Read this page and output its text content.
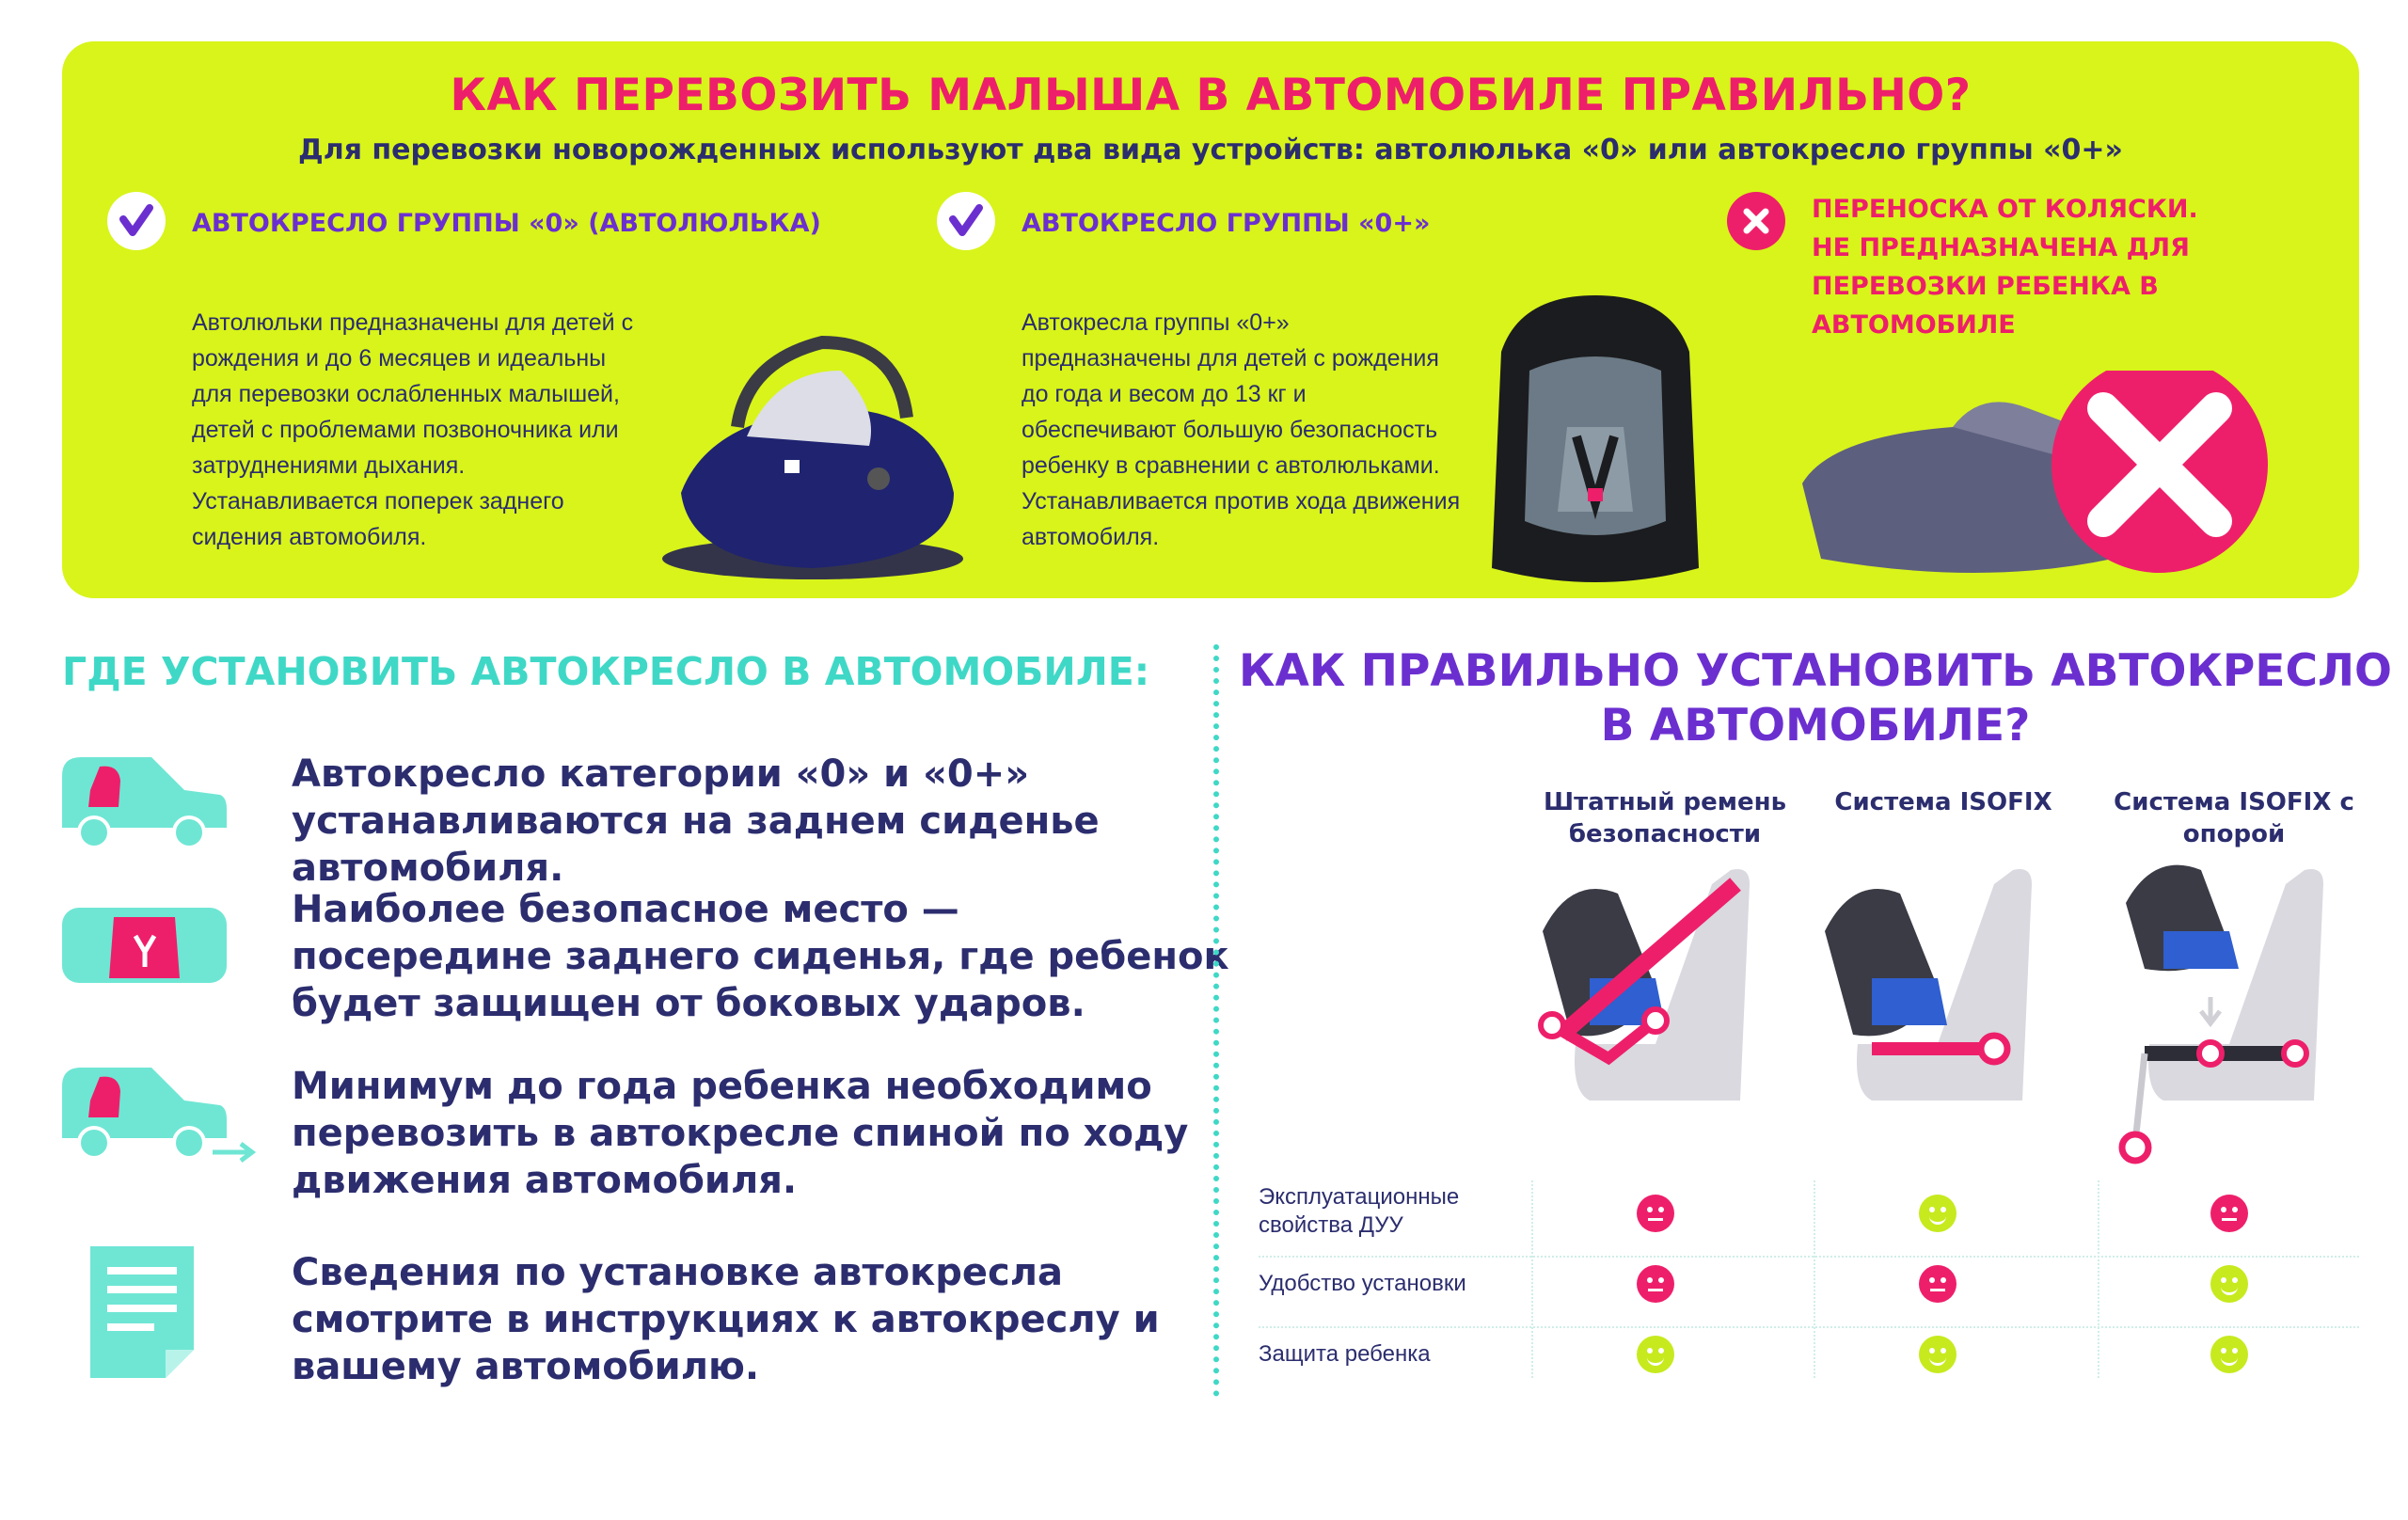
КАК ПЕРЕВОЗИТЬ МАЛЫША В АВТОМОБИЛЕ ПРАВИЛЬНО?
Для перевозки новорожденных используют два вида устройств: автолюлька «0» или автокресло группы «0+»
АВТОКРЕСЛО ГРУППЫ «0» (АВТОЛЮЛЬКА)
Автолюльки предназначены для детей с рождения и до 6 месяцев и идеальны для перевозки ослабленных малышей, детей с проблемами позвоночника или затруднениями дыхания. Устанавливается поперек заднего сидения автомобиля.
АВТОКРЕСЛО ГРУППЫ «0+»
Автокресла группы «0+» предназначены для детей с рождения до года и весом до 13 кг и обеспечивают большую безопасность ребенку в сравнении с автолюльками. Устанавливается против хода движения автомобиля.
ПЕРЕНОСКА ОТ КОЛЯСКИ. НЕ ПРЕДНАЗНАЧЕНА ДЛЯ ПЕРЕВОЗКИ РЕБЕНКА В АВТОМОБИЛЕ
ГДЕ УСТАНОВИТЬ АВТОКРЕСЛО В АВТОМОБИЛЕ:
Автокресло категории «0» и «0+» устанавливаются на заднем сиденье автомобиля.
Наиболее безопасное место — посередине заднего сиденья, где ребенок будет защищен от боковых ударов.
Минимум до года ребенка необходимо перевозить в автокресле спиной по ходу движения автомобиля.
Сведения по установке автокресла смотрите в инструкциях к автокреслу и вашему автомобилю.
КАК ПРАВИЛЬНО УСТАНОВИТЬ АВТОКРЕСЛО В АВТОМОБИЛЕ?
Штатный ремень безопасности
Система ISOFIX	Система ISOFIX с опорой
Эксплуатационные свойства ДУУ
Удобство установки
Защита ребенка
